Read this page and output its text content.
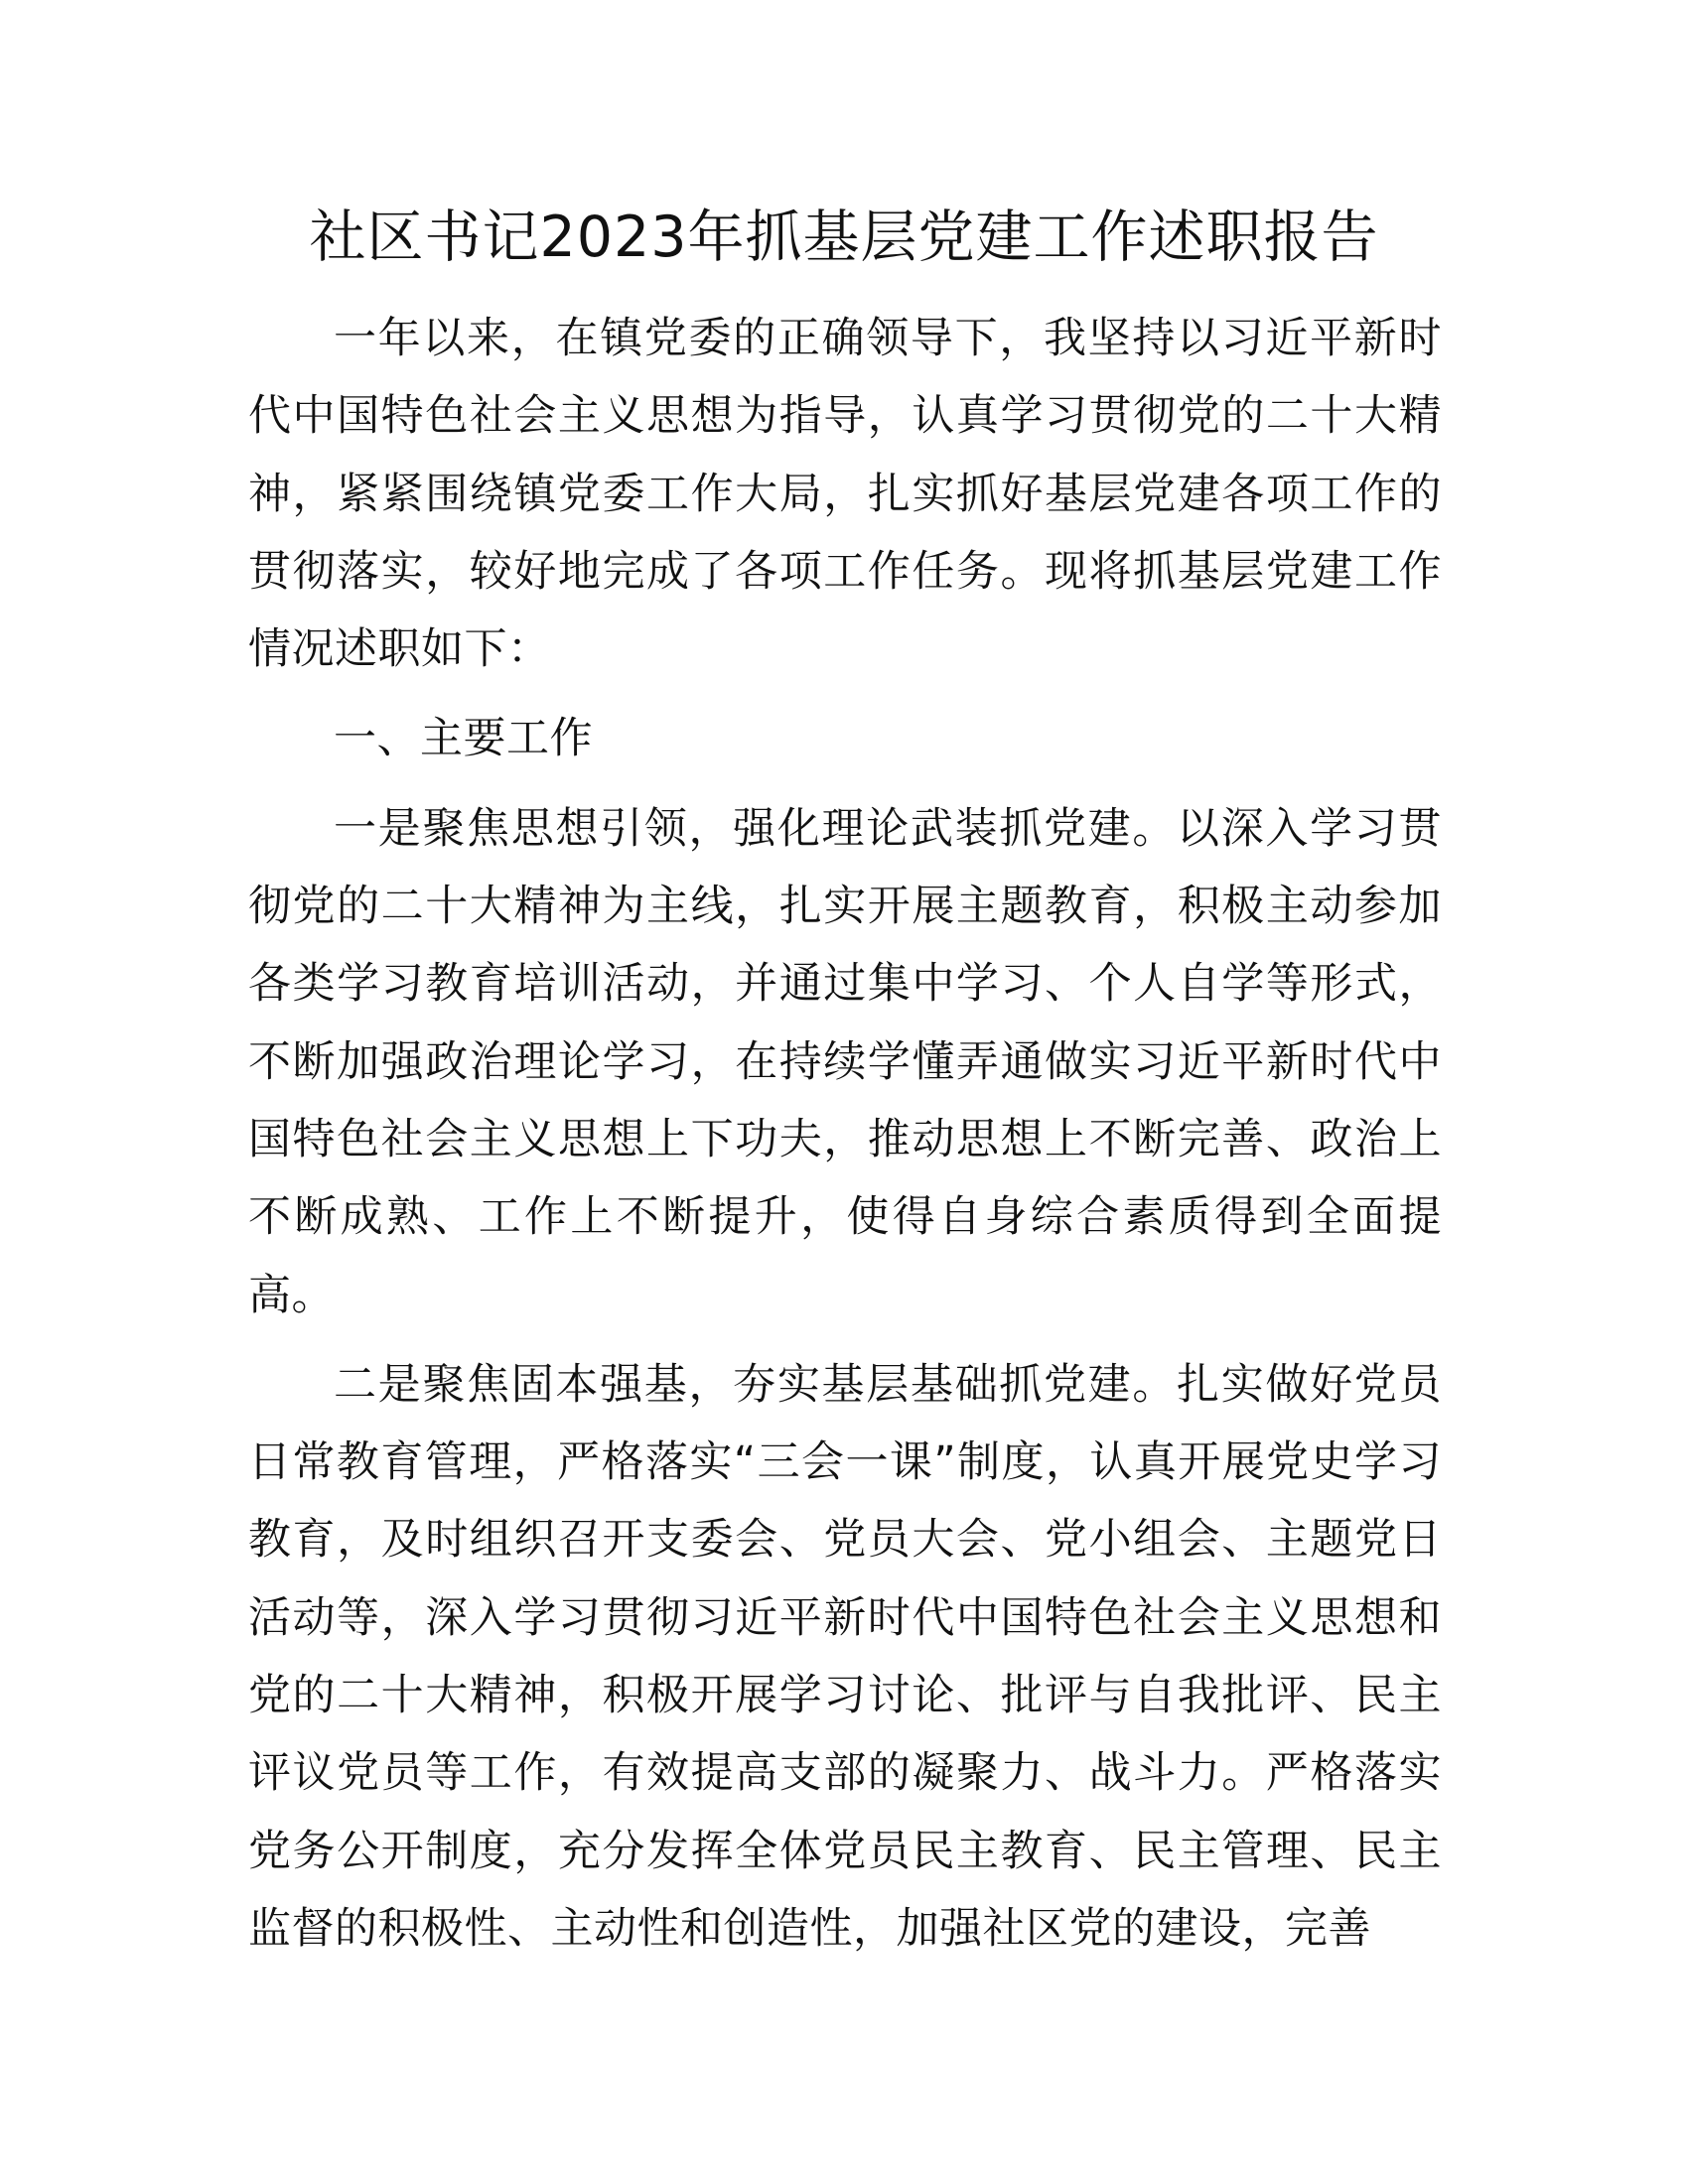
社区书记2023年抓基层党建工作述职报告

一年以来，在镇党委的正确领导下，我坚持以习近平新时代中国特色社会主义思想为指导，认真学习贯彻党的二十大精神，紧紧围绕镇党委工作大局，扎实抓好基层党建各项工作的贯彻落实，较好地完成了各项工作任务。现将抓基层党建工作情况述职如下：

一、主要工作

一是聚焦思想引领，强化理论武装抓党建。以深入学习贯彻党的二十大精神为主线，扎实开展主题教育，积极主动参加各类学习教育培训活动，并通过集中学习、个人自学等形式，不断加强政治理论学习，在持续学懂弄通做实习近平新时代中国特色社会主义思想上下功夫，推动思想上不断完善、政治上不断成熟、工作上不断提升，使得自身综合素质得到全面提高。

二是聚焦固本强基，夯实基层基础抓党建。扎实做好党员日常教育管理，严格落实“三会一课”制度，认真开展党史学习教育，及时组织召开支委会、党员大会、党小组会、主题党日活动等，深入学习贯彻习近平新时代中国特色社会主义思想和党的二十大精神，积极开展学习讨论、批评与自我批评、民主评议党员等工作，有效提高支部的凝聚力、战斗力。严格落实党务公开制度，充分发挥全体党员民主教育、民主管理、民主监督的积极性、主动性和创造性，加强社区党的建设，完善
